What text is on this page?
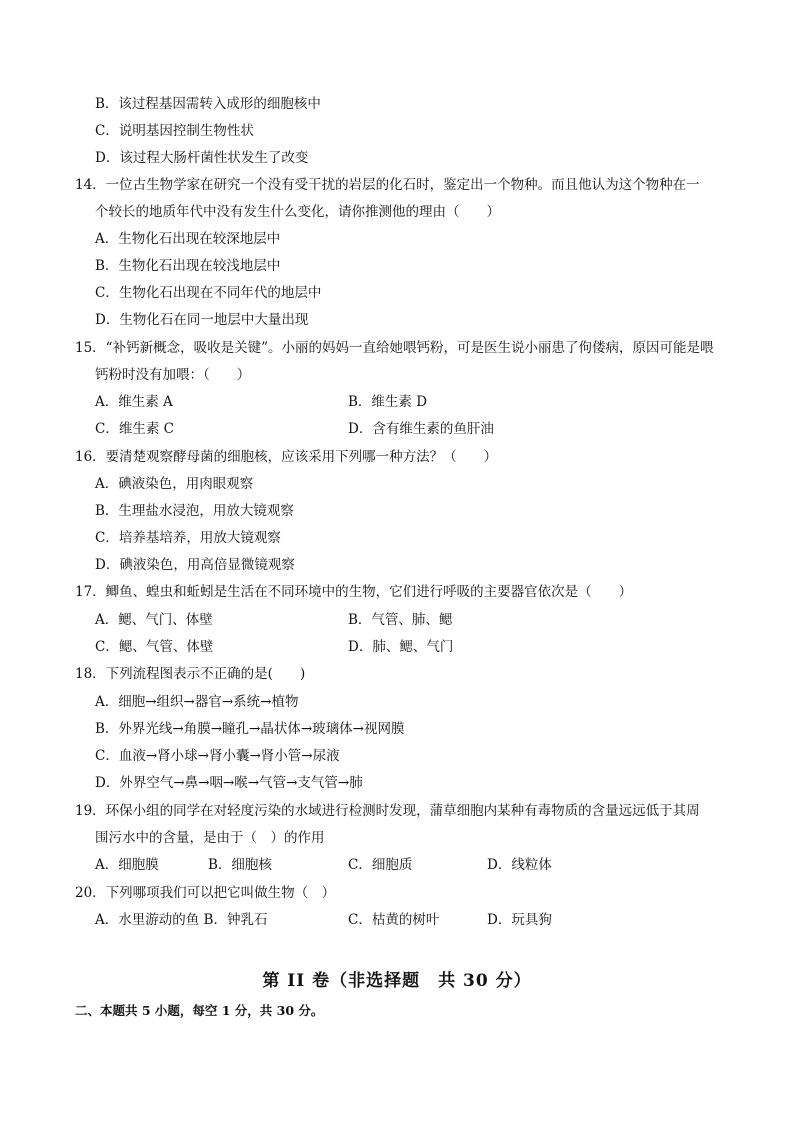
B．该过程基因需转入成形的细胞核中
C．说明基因控制生物性状
D．该过程大肠杆菌性状发生了改变
14．一位古生物学家在研究一个没有受干扰的岩层的化石时，鉴定出一个物种。而且他认为这个物种在一
个较长的地质年代中没有发生什么变化，请你推测他的理由（　　）
A．生物化石出现在较深地层中
B．生物化石出现在较浅地层中
C．生物化石出现在不同年代的地层中
D．生物化石在同一地层中大量出现
15．“补钙新概念，吸收是关键”。小丽的妈妈一直给她喂钙粉，可是医生说小丽患了佝偻病，原因可能是喂
钙粉时没有加喂：（　　）
A．维生素 A	B．维生素 D
C．维生素 C	D．含有维生素的鱼肝油
16．要清楚观察酵母菌的细胞核，应该采用下列哪一种方法？（　　）
A．碘液染色，用肉眼观察
B．生理盐水浸泡，用放大镜观察
C．培养基培养，用放大镜观察
D．碘液染色，用高倍显微镜观察
17．鲫鱼、蝗虫和蚯蚓是生活在不同环境中的生物，它们进行呼吸的主要器官依次是（　　）
A．鳃、气门、体壁	B．气管、肺、鳃
C．鳃、气管、体壁	D．肺、鳃、气门
18．下列流程图表示不正确的是(　　)
A．细胞→组织→器官→系统→植物
B．外界光线→角膜→瞳孔→晶状体→玻璃体→视网膜
C．血液→肾小球→肾小囊→肾小管→尿液
D．外界空气→鼻→咽→喉→气管→支气管→肺
19．环保小组的同学在对轻度污染的水域进行检测时发现，蒲草细胞内某种有毒物质的含量远远低于其周
围污水中的含量，是由于（　）的作用
A．细胞膜	B．细胞核	C．细胞质	D．线粒体
20．下列哪项我们可以把它叫做生物（　）
A．水里游动的鱼 B．钟乳石	C．枯黄的树叶	D．玩具狗
第 II 卷（非选择题　共 30 分）
二、本题共 5 小题，每空 1 分，共 30 分。
